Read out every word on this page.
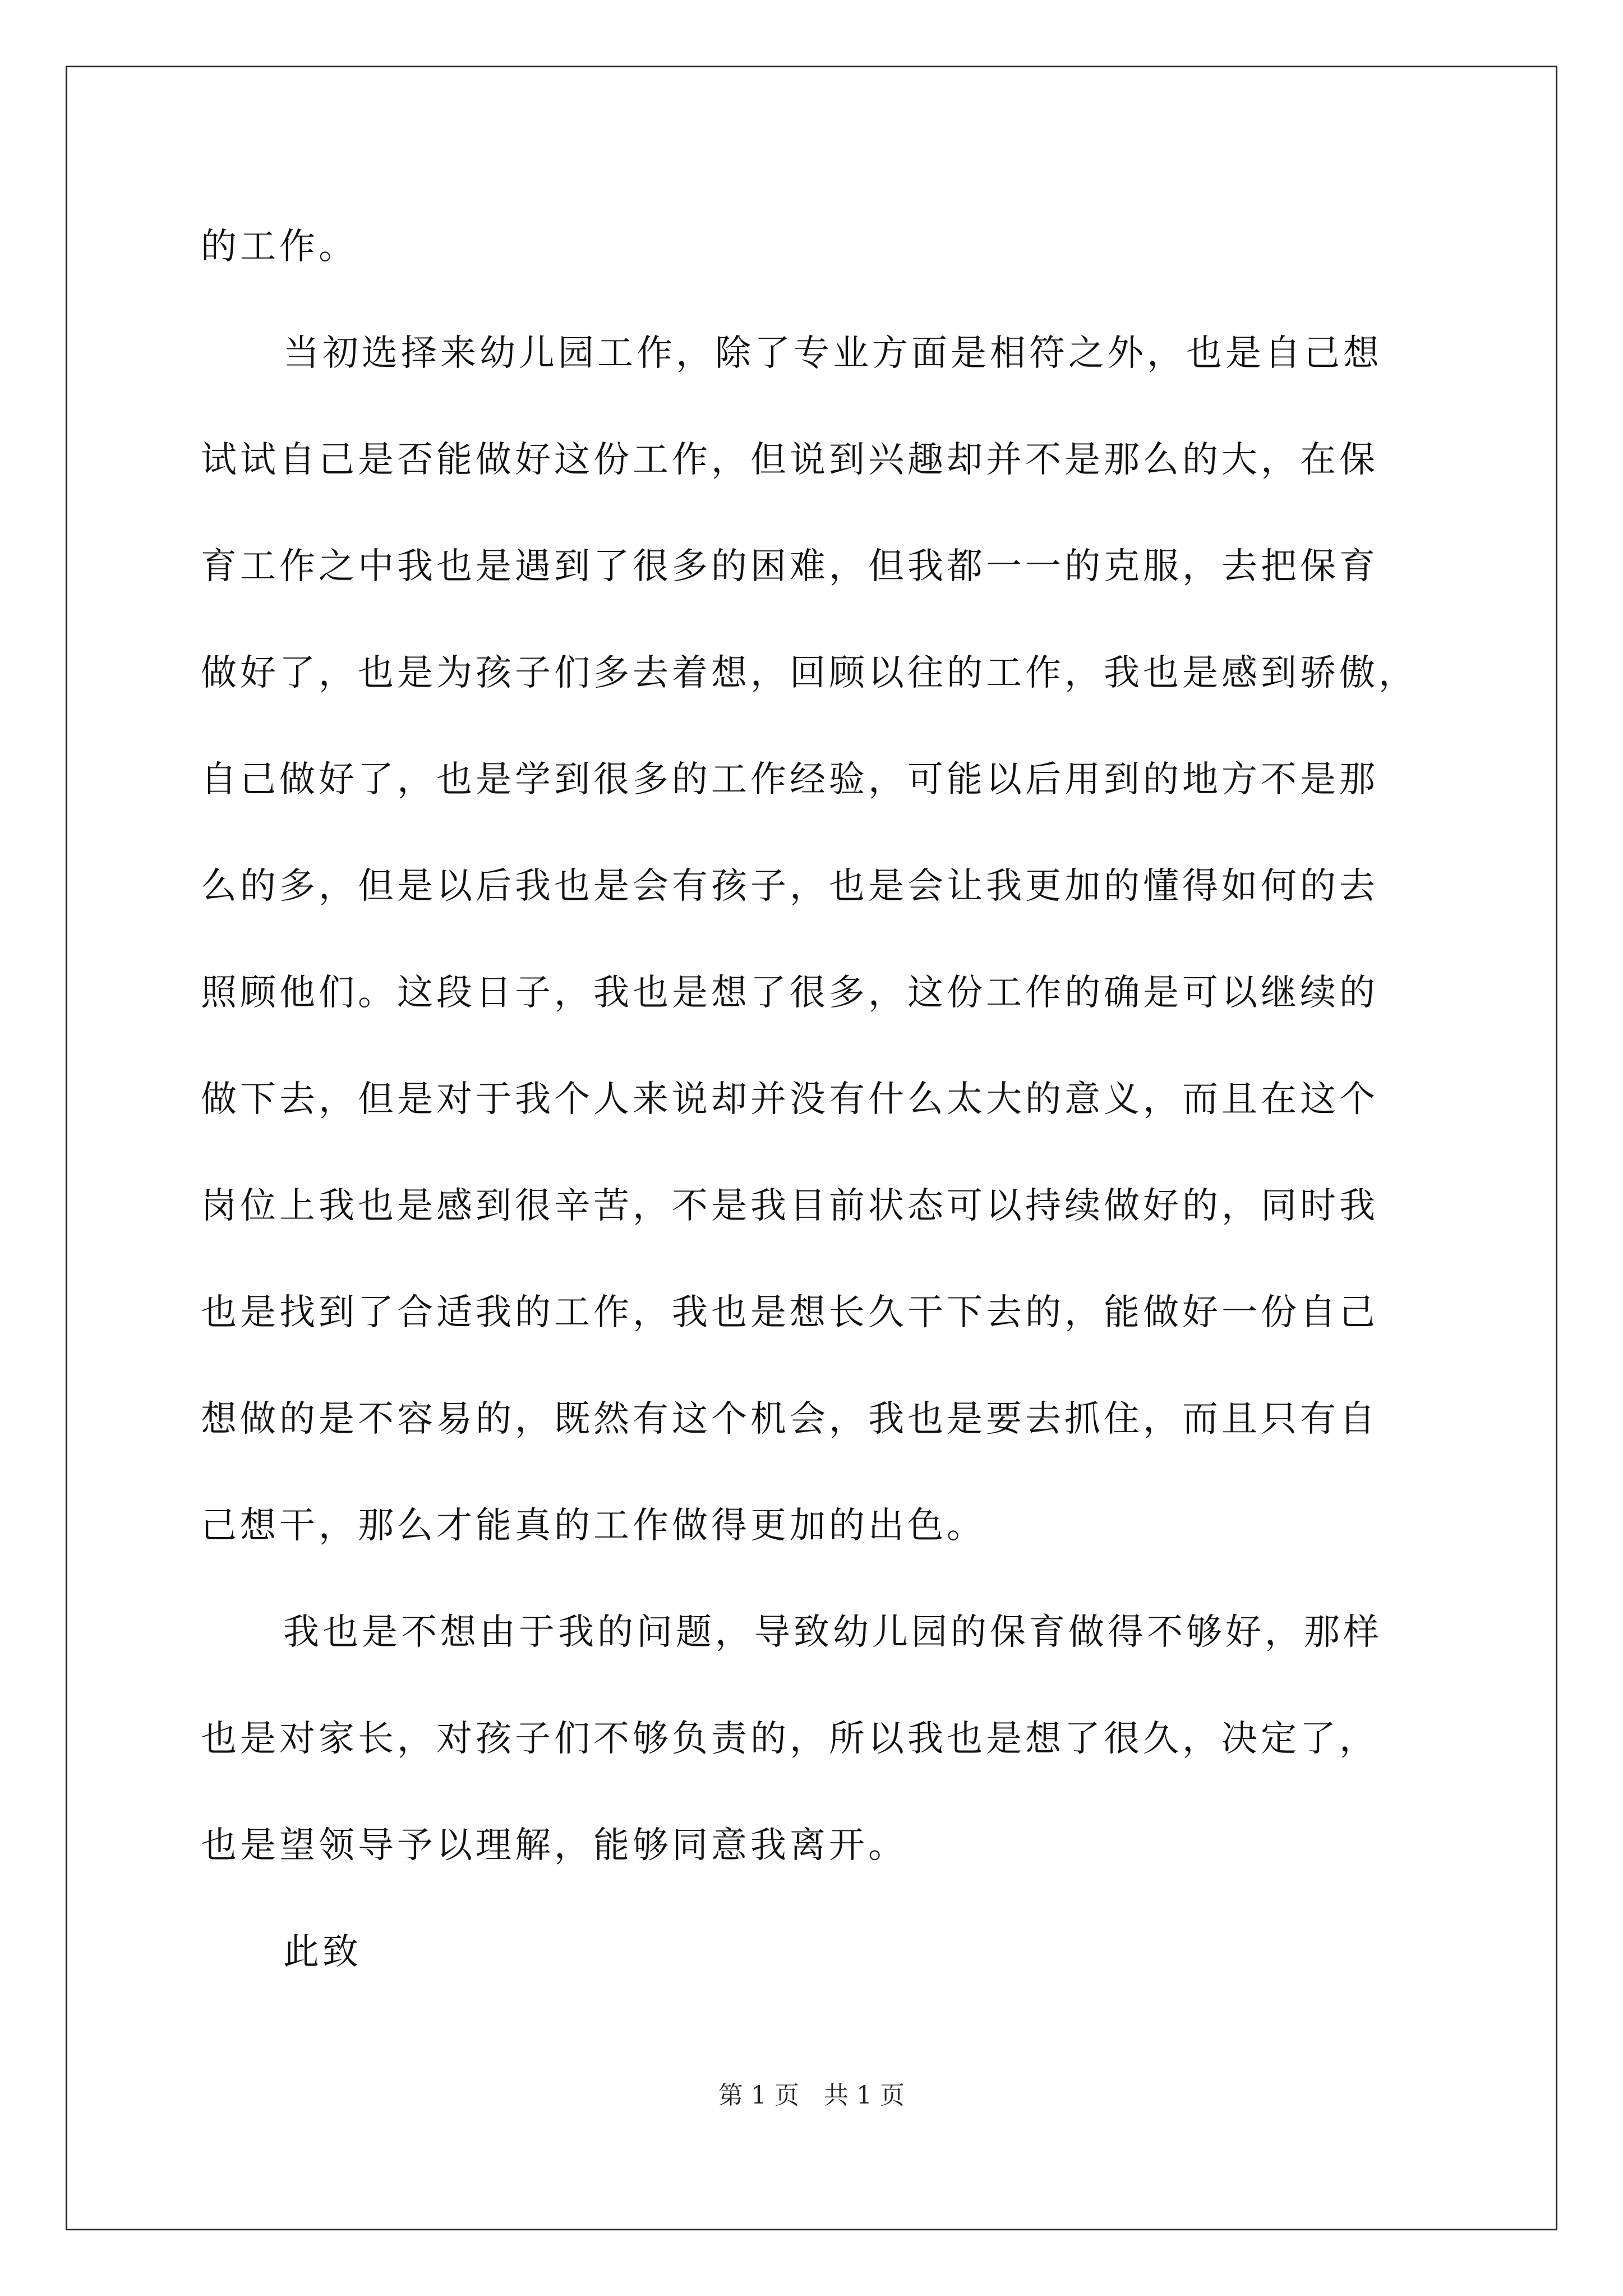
的工作。
当初选择来幼儿园工作，除了专业方面是相符之外，也是自己想
试试自己是否能做好这份工作，但说到兴趣却并不是那么的大，在保
育工作之中我也是遇到了很多的困难，但我都一一的克服，去把保育
做好了，也是为孩子们多去着想，回顾以往的工作，我也是感到骄傲，
自己做好了，也是学到很多的工作经验，可能以后用到的地方不是那
么的多，但是以后我也是会有孩子，也是会让我更加的懂得如何的去
照顾他们。这段日子，我也是想了很多，这份工作的确是可以继续的
做下去，但是对于我个人来说却并没有什么太大的意义，而且在这个
岗位上我也是感到很辛苦，不是我目前状态可以持续做好的，同时我
也是找到了合适我的工作，我也是想长久干下去的，能做好一份自己
想做的是不容易的，既然有这个机会，我也是要去抓住，而且只有自
己想干，那么才能真的工作做得更加的出色。
我也是不想由于我的问题，导致幼儿园的保育做得不够好，那样
也是对家长，对孩子们不够负责的，所以我也是想了很久，决定了，
也是望领导予以理解，能够同意我离开。
此致
第 1 页　共 1 页
